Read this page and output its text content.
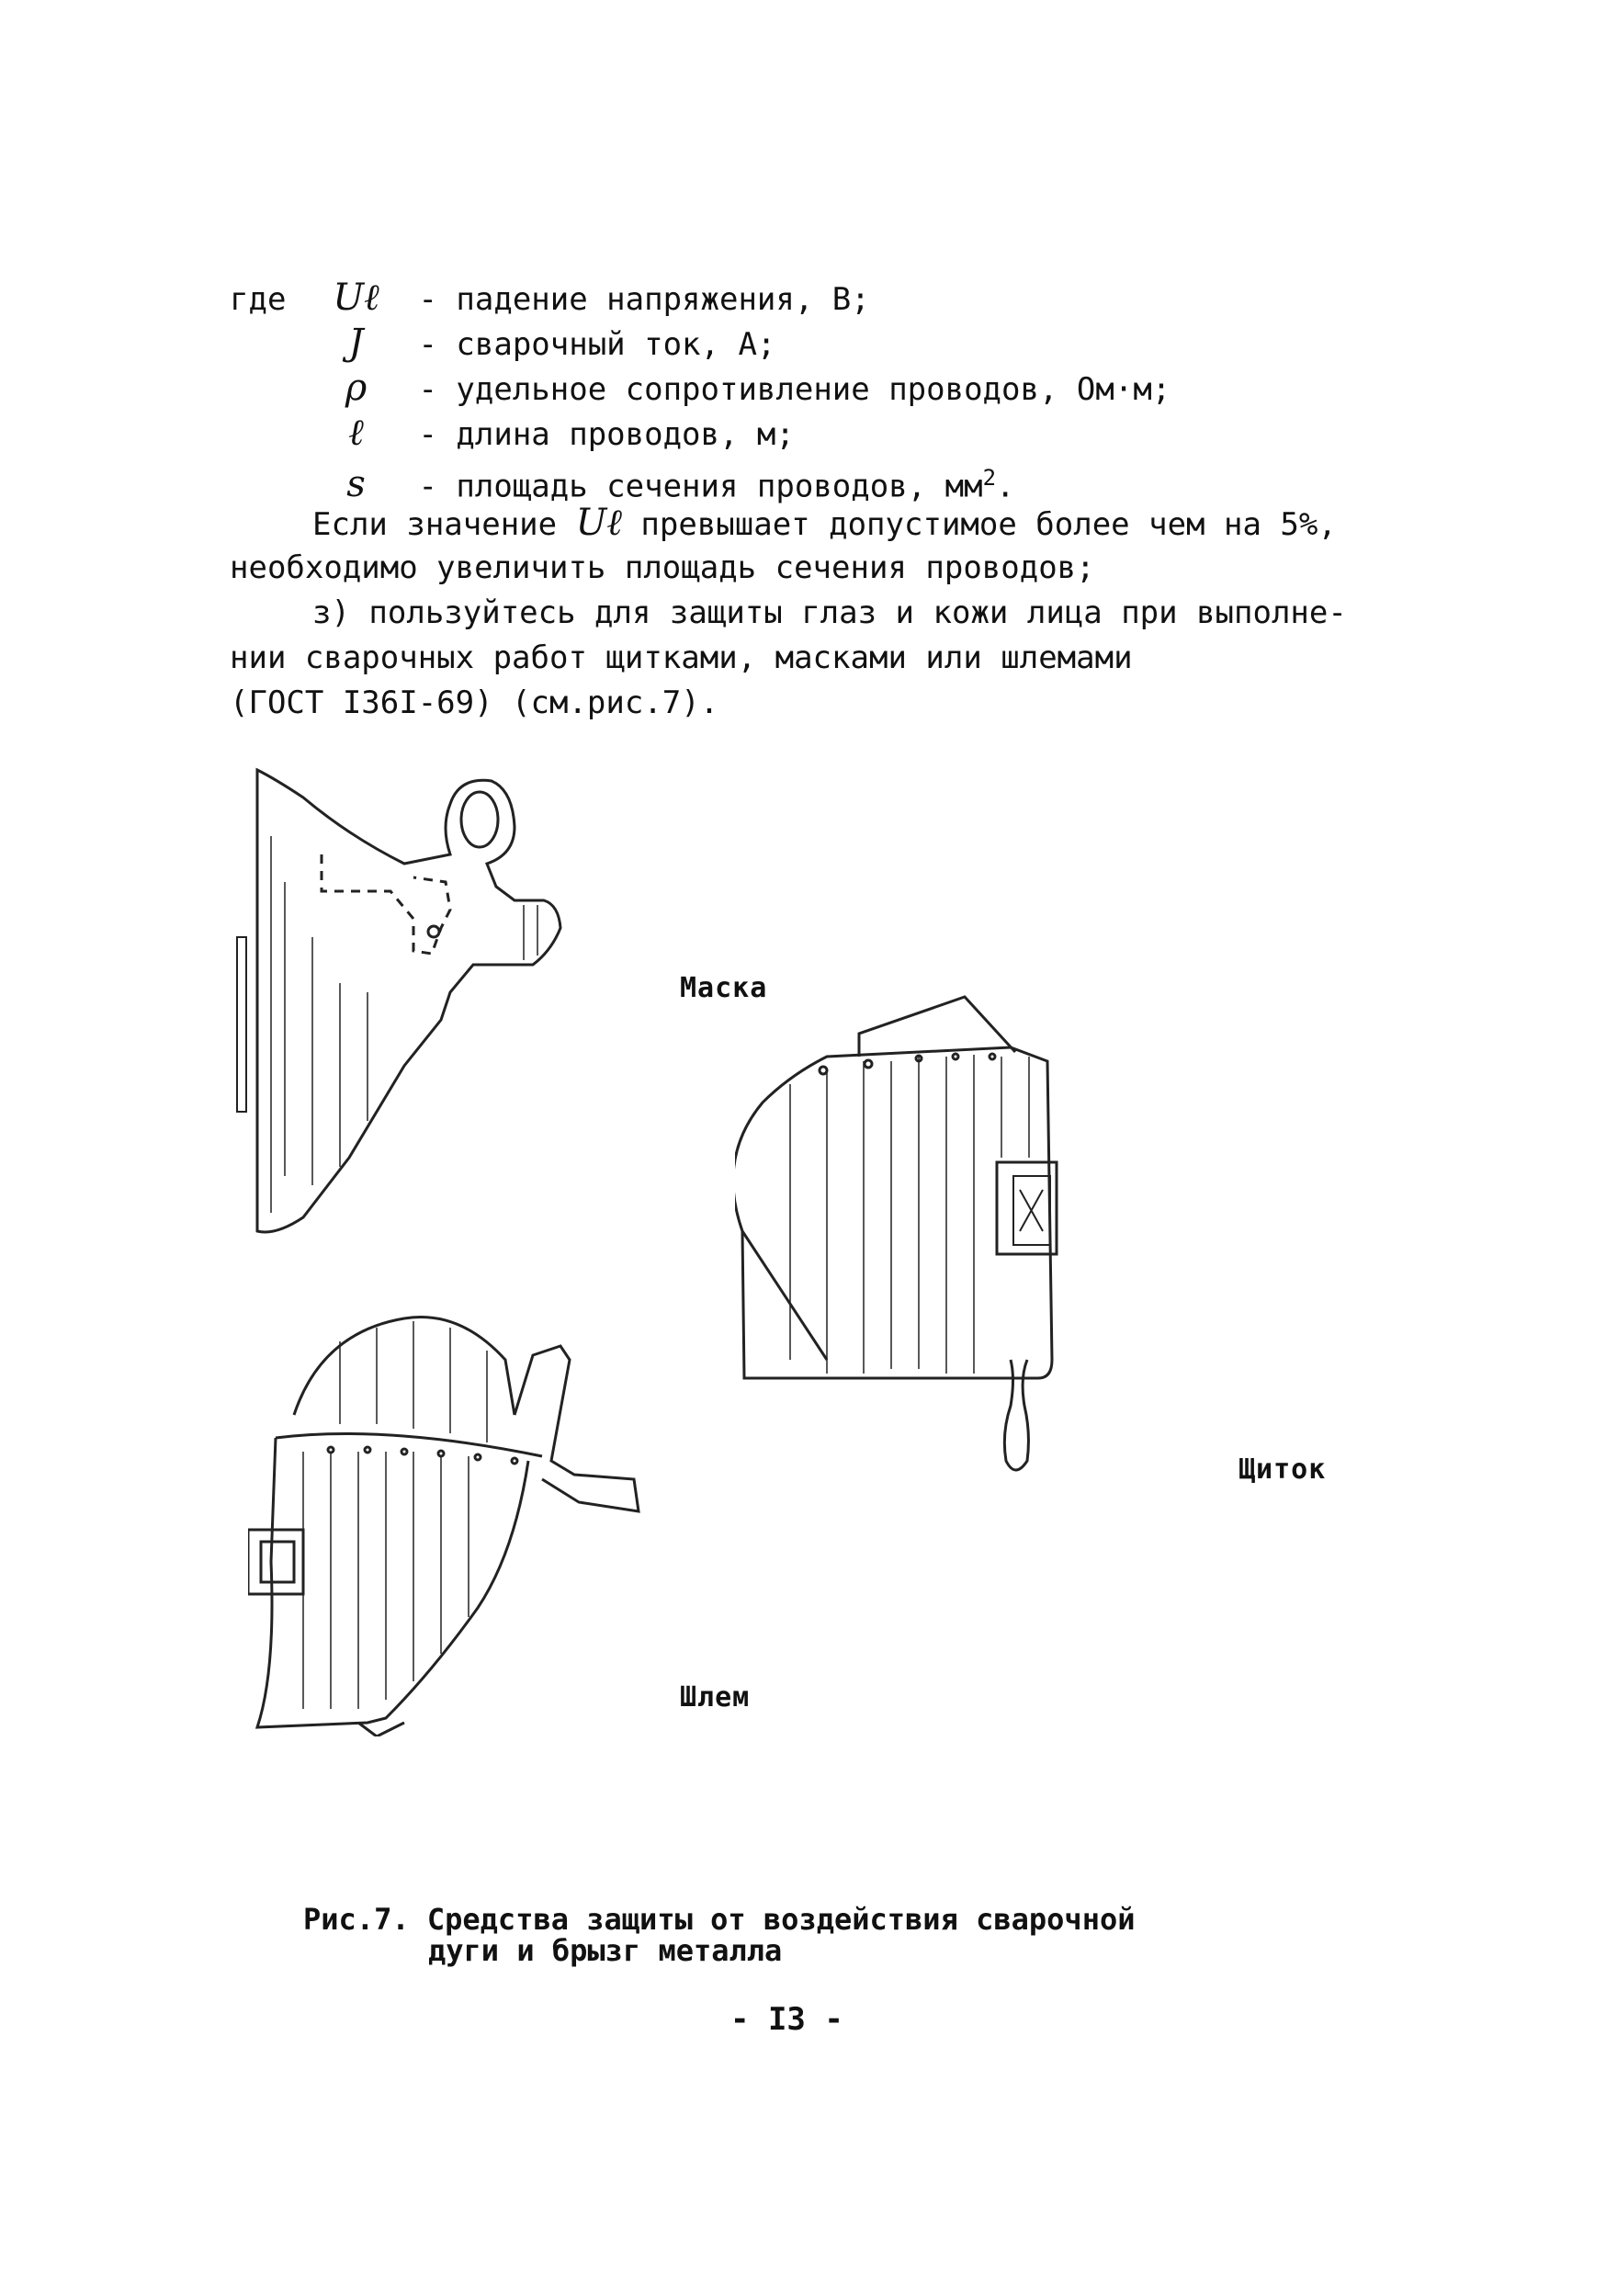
где Uℓ - падение напряжения, В;
J - сварочный ток, А;
ρ - удельное сопротивление проводов, Ом·м;
ℓ - длина проводов, м;
s - площадь сечения проводов, $мм^2$.
Если значение Uℓ превышает допустимое более чем на 5%,
необходимо увеличить площадь сечения проводов;
з) пользуйтесь для защиты глаз и кожи лица при выполне-
нии сварочных работ щитками, масками или шлемами
(ГОСТ I36I-69) (см.рис.7).
Маска
Щиток
Шлем
Рис.7. Средства защиты от воздействия сварочной
дуги и брызг металла
- I3 -
